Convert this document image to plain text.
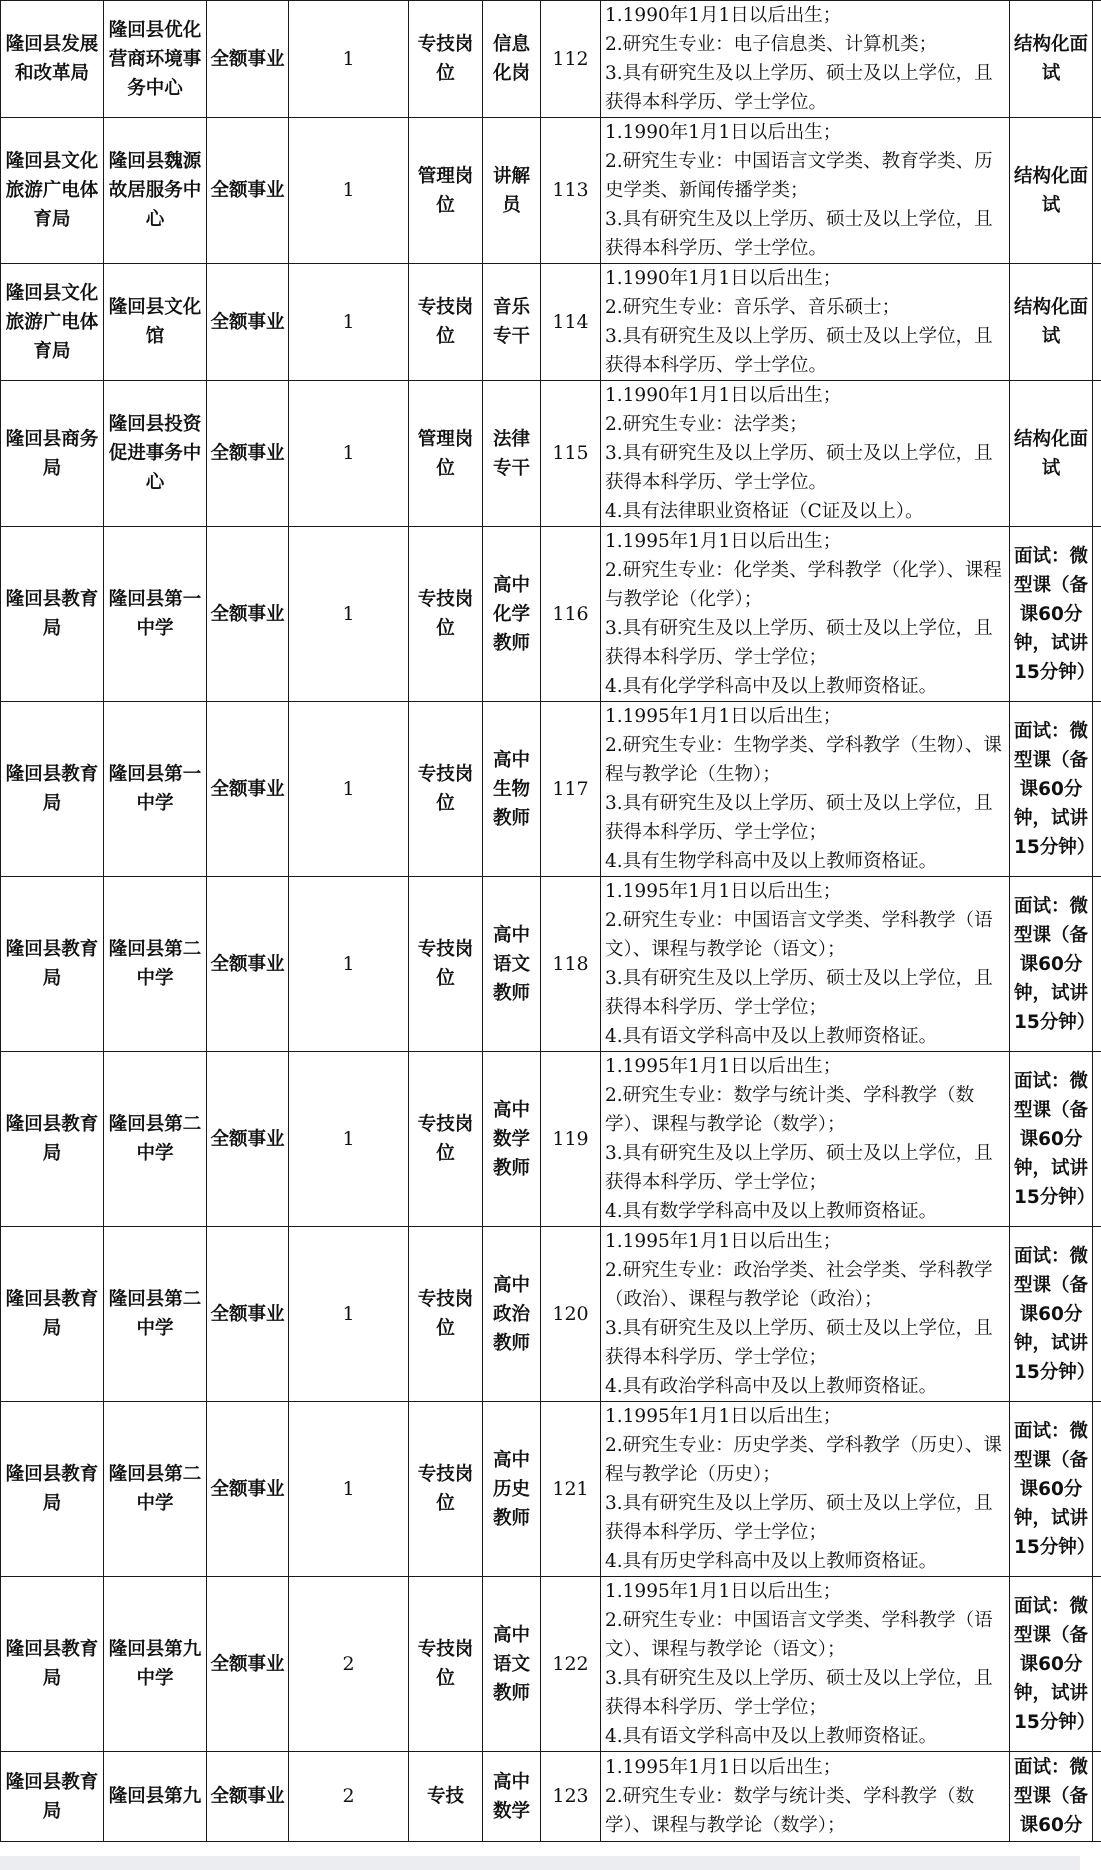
隆回县发展和改革局	隆回县优化营商环境事务中心	全额事业	1	专技岗位	信息化岗	112	1.1990年1月1日以后出生；
2.研究生专业：电子信息类、计算机类；
3.具有研究生及以上学历、硕士及以上学位，且获得本科学历、学士学位。	结构化面试	
隆回县文化旅游广电体育局	隆回县魏源故居服务中心	全额事业	1	管理岗位	讲解员	113	1.1990年1月1日以后出生；
2.研究生专业：中国语言文学类、教育学类、历史学类、新闻传播学类；
3.具有研究生及以上学历、硕士及以上学位，且获得本科学历、学士学位。	结构化面试	
隆回县文化旅游广电体育局	隆回县文化馆	全额事业	1	专技岗位	音乐专干	114	1.1990年1月1日以后出生；
2.研究生专业：音乐学、音乐硕士；
3.具有研究生及以上学历、硕士及以上学位，且获得本科学历、学士学位。	结构化面试	
隆回县商务局	隆回县投资促进事务中心	全额事业	1	管理岗位	法律专干	115	1.1990年1月1日以后出生；
2.研究生专业：法学类；
3.具有研究生及以上学历、硕士及以上学位，且获得本科学历、学士学位。
4.具有法律职业资格证（C证及以上）。	结构化面试	
隆回县教育局	隆回县第一中学	全额事业	1	专技岗位	高中化学教师	116	1.1995年1月1日以后出生；
2.研究生专业：化学类、学科教学（化学）、课程与教学论（化学）；
3.具有研究生及以上学历、硕士及以上学位，且获得本科学历、学士学位；
4.具有化学学科高中及以上教师资格证。	面试：微型课（备课60分钟，试讲15分钟）	
隆回县教育局	隆回县第一中学	全额事业	1	专技岗位	高中生物教师	117	1.1995年1月1日以后出生；
2.研究生专业：生物学类、学科教学（生物）、课程与教学论（生物）；
3.具有研究生及以上学历、硕士及以上学位，且获得本科学历、学士学位；
4.具有生物学科高中及以上教师资格证。	面试：微型课（备课60分钟，试讲15分钟）	
隆回县教育局	隆回县第二中学	全额事业	1	专技岗位	高中语文教师	118	1.1995年1月1日以后出生；
2.研究生专业：中国语言文学类、学科教学（语文）、课程与教学论（语文）；
3.具有研究生及以上学历、硕士及以上学位，且获得本科学历、学士学位；
4.具有语文学科高中及以上教师资格证。	面试：微型课（备课60分钟，试讲15分钟）	
隆回县教育局	隆回县第二中学	全额事业	1	专技岗位	高中数学教师	119	1.1995年1月1日以后出生；
2.研究生专业：数学与统计类、学科教学（数学）、课程与教学论（数学）；
3.具有研究生及以上学历、硕士及以上学位，且获得本科学历、学士学位；
4.具有数学学科高中及以上教师资格证。	面试：微型课（备课60分钟，试讲15分钟）	
隆回县教育局	隆回县第二中学	全额事业	1	专技岗位	高中政治教师	120	1.1995年1月1日以后出生；
2.研究生专业：政治学类、社会学类、学科教学（政治）、课程与教学论（政治）；
3.具有研究生及以上学历、硕士及以上学位，且获得本科学历、学士学位；
4.具有政治学科高中及以上教师资格证。	面试：微型课（备课60分钟，试讲15分钟）	
隆回县教育局	隆回县第二中学	全额事业	1	专技岗位	高中历史教师	121	1.1995年1月1日以后出生；
2.研究生专业：历史学类、学科教学（历史）、课程与教学论（历史）；
3.具有研究生及以上学历、硕士及以上学位，且获得本科学历、学士学位；
4.具有历史学科高中及以上教师资格证。	面试：微型课（备课60分钟，试讲15分钟）	
隆回县教育局	隆回县第九中学	全额事业	2	专技岗位	高中语文教师	122	1.1995年1月1日以后出生；
2.研究生专业：中国语言文学类、学科教学（语文）、课程与教学论（语文）；
3.具有研究生及以上学历、硕士及以上学位，且获得本科学历、学士学位；
4.具有语文学科高中及以上教师资格证。	面试：微型课（备课60分钟，试讲15分钟）	
隆回县教育局	隆回县第九	全额事业	2	专技	高中数学	123	1.1995年1月1日以后出生；
2.研究生专业：数学与统计类、学科教学（数学）、课程与教学论（数学）；	面试：微型课（备课60分	
